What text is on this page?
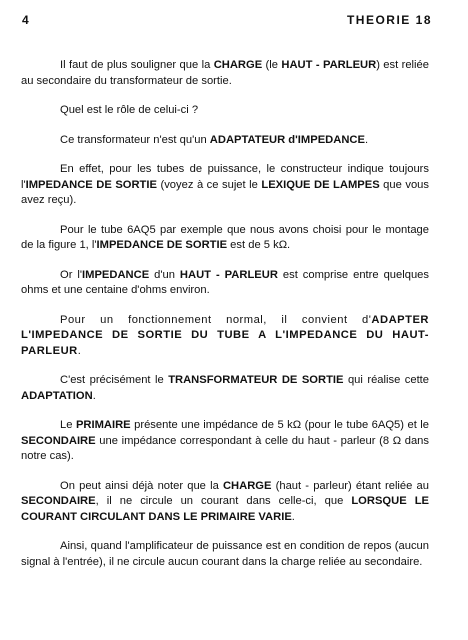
4	THEORIE 18

Il faut de plus souligner que la CHARGE (le HAUT - PARLEUR) est reliée au secondaire du transformateur de sortie.

Quel est le rôle de celui-ci ?

Ce transformateur n'est qu'un ADAPTATEUR d'IMPEDANCE.

En effet, pour les tubes de puissance, le constructeur indique toujours l'IMPEDANCE DE SORTIE (voyez à ce sujet le LEXIQUE DE LAMPES que vous avez reçu).

Pour le tube 6AQ5 par exemple que nous avons choisi pour le montage de la figure 1, l'IMPEDANCE DE SORTIE est de 5 kΩ.

Or l'IMPEDANCE d'un HAUT - PARLEUR est comprise entre quelques ohms et une centaine d'ohms environ.

Pour un fonctionnement normal, il convient d'ADAPTER L'IMPEDANCE DE SORTIE DU TUBE A L'IMPEDANCE DU HAUT-PARLEUR.

C'est précisément le TRANSFORMATEUR DE SORTIE qui réalise cette ADAPTATION.

Le PRIMAIRE présente une impédance de 5 kΩ (pour le tube 6AQ5) et le SECONDAIRE une impédance correspondant à celle du haut - parleur (8 Ω dans notre cas).

On peut ainsi déjà noter que la CHARGE (haut - parleur) étant reliée au SECONDAIRE, il ne circule un courant dans celle-ci, que LORSQUE LE COURANT CIRCULANT DANS LE PRIMAIRE VARIE.

Ainsi, quand l'amplificateur de puissance est en condition de repos (aucun signal à l'entrée), il ne circule aucun courant dans la charge reliée au secondaire.
